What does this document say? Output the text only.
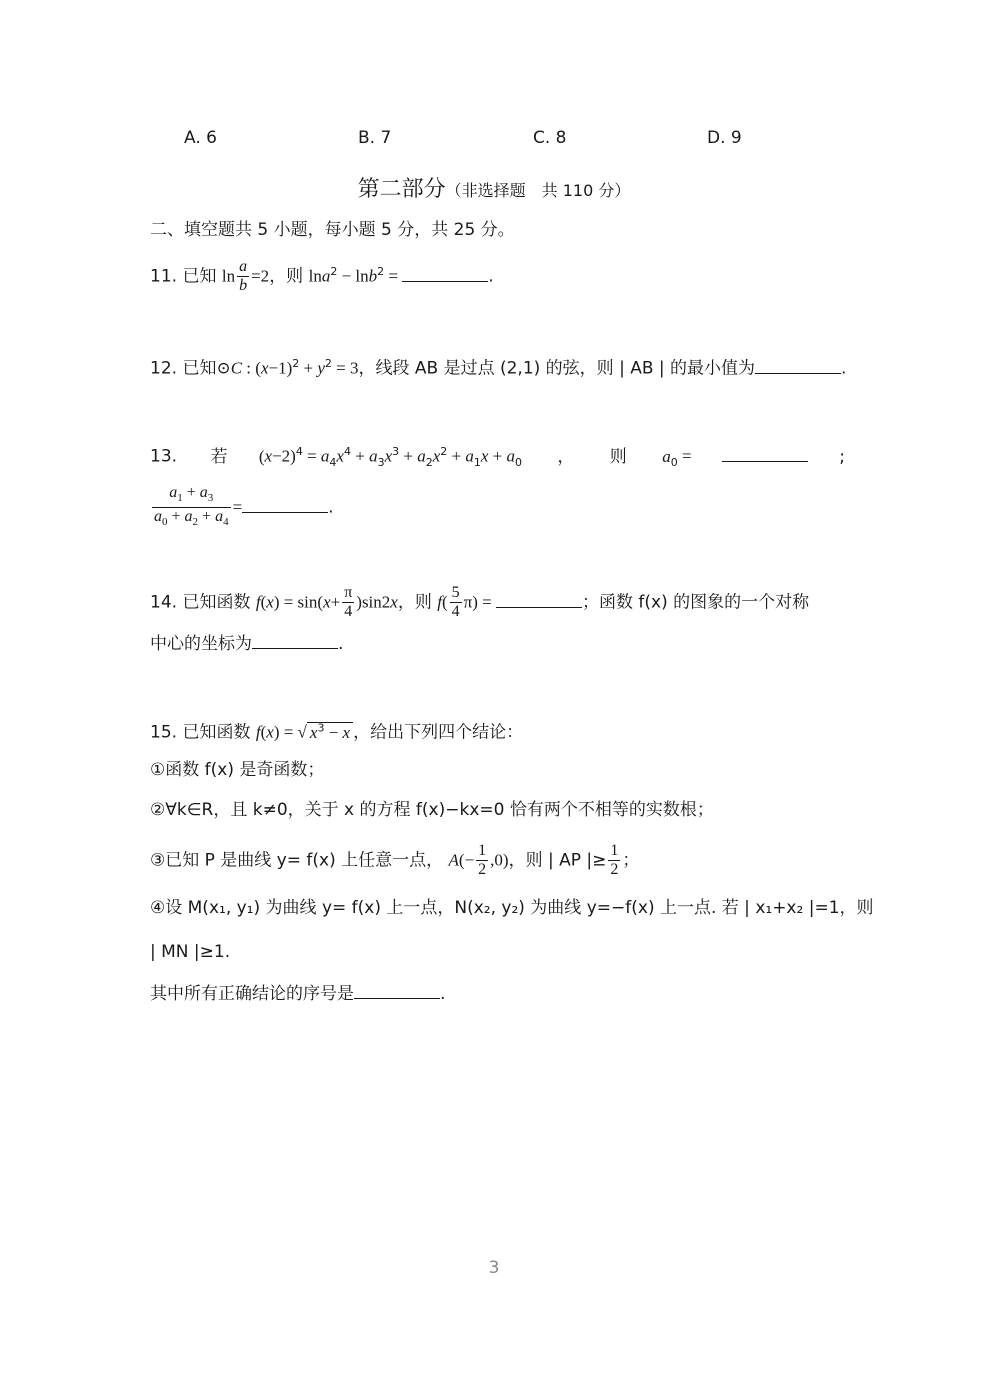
A. 6	B. 7	C. 8	D. 9
第二部分（非选择题　共 110 分）
二、填空题共 5 小题，每小题 5 分，共 25 分。
11. 已知 $\ln \frac{a}{b} =2$，则 lna$^2$ − lnb$^2$ =	.
12. 已知⊙C : $(x-1)^2 + y^2 = 3$，线段 AB 是过点 (2,1) 的弦，则 | AB | 的最小值为	.
13. 若 $(x-2)^4 = a_4x^4 + a_3x^3 + a_2x^2 + a_1x + a_0$ ， 则 $a_0$ =	;
$\frac{a_1 + a_3}{a_0 + a_2 + a_4}$ =	.
14. 已知函数 $f(x) = \sin(x+ \frac{\pi}{4} )\sin 2x$，则 $f( \frac{5}{4} \pi)$ =	；函数 f(x) 的图象的一个对称
中心的坐标为	.
15. 已知函数 f(x) = √ $x^3 - x$ ，给出下列四个结论：
①函数 f(x) 是奇函数；
②∀k∈R，且 k≠0，关于 x 的方程 f(x)−kx=0 恰有两个不相等的实数根；
③已知 P 是曲线 y= f(x) 上任意一点， $A(- \frac{1}{2} ,0)$，则 | AP |≥ $\frac{1}{2}$ ；
④设 M(x₁, y₁) 为曲线 y= f(x) 上一点，N(x₂, y₂) 为曲线 y=−f(x) 上一点. 若 | x₁+x₂ |=1，则
| MN |≥1.
其中所有正确结论的序号是	.
3
